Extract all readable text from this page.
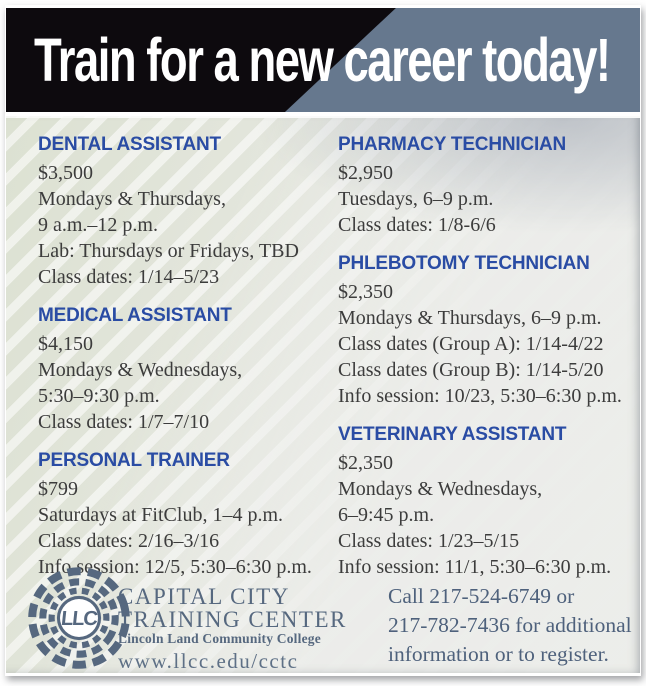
Train for a new career today!
DENTAL ASSISTANT
$3,500
Mondays & Thursdays,
9 a.m.–12 p.m.
Lab: Thursdays or Fridays, TBD
Class dates: 1/14–5/23
MEDICAL ASSISTANT
$4,150
Mondays & Wednesdays,
5:30–9:30 p.m.
Class dates: 1/7–7/10
PERSONAL TRAINER
$799
Saturdays at FitClub, 1–4 p.m.
Class dates: 2/16–3/16
Info session: 12/5, 5:30–6:30 p.m.
PHARMACY TECHNICIAN
$2,950
Tuesdays, 6–9 p.m.
Class dates: 1/8-6/6
PHLEBOTOMY TECHNICIAN
$2,350
Mondays & Thursdays, 6–9 p.m.
Class dates (Group A): 1/14-4/22
Class dates (Group B): 1/14-5/20
Info session: 10/23, 5:30–6:30 p.m.
VETERINARY ASSISTANT
$2,350
Mondays & Wednesdays,
6–9:45 p.m.
Class dates: 1/23–5/15
Info session: 11/1, 5:30–6:30 p.m.
LLC
CAPITAL CITY
TRAINING CENTER
Lincoln Land Community College
www.llcc.edu/cctc
Call 217-524-6749 or
217-782-7436 for additional
information or to register.
